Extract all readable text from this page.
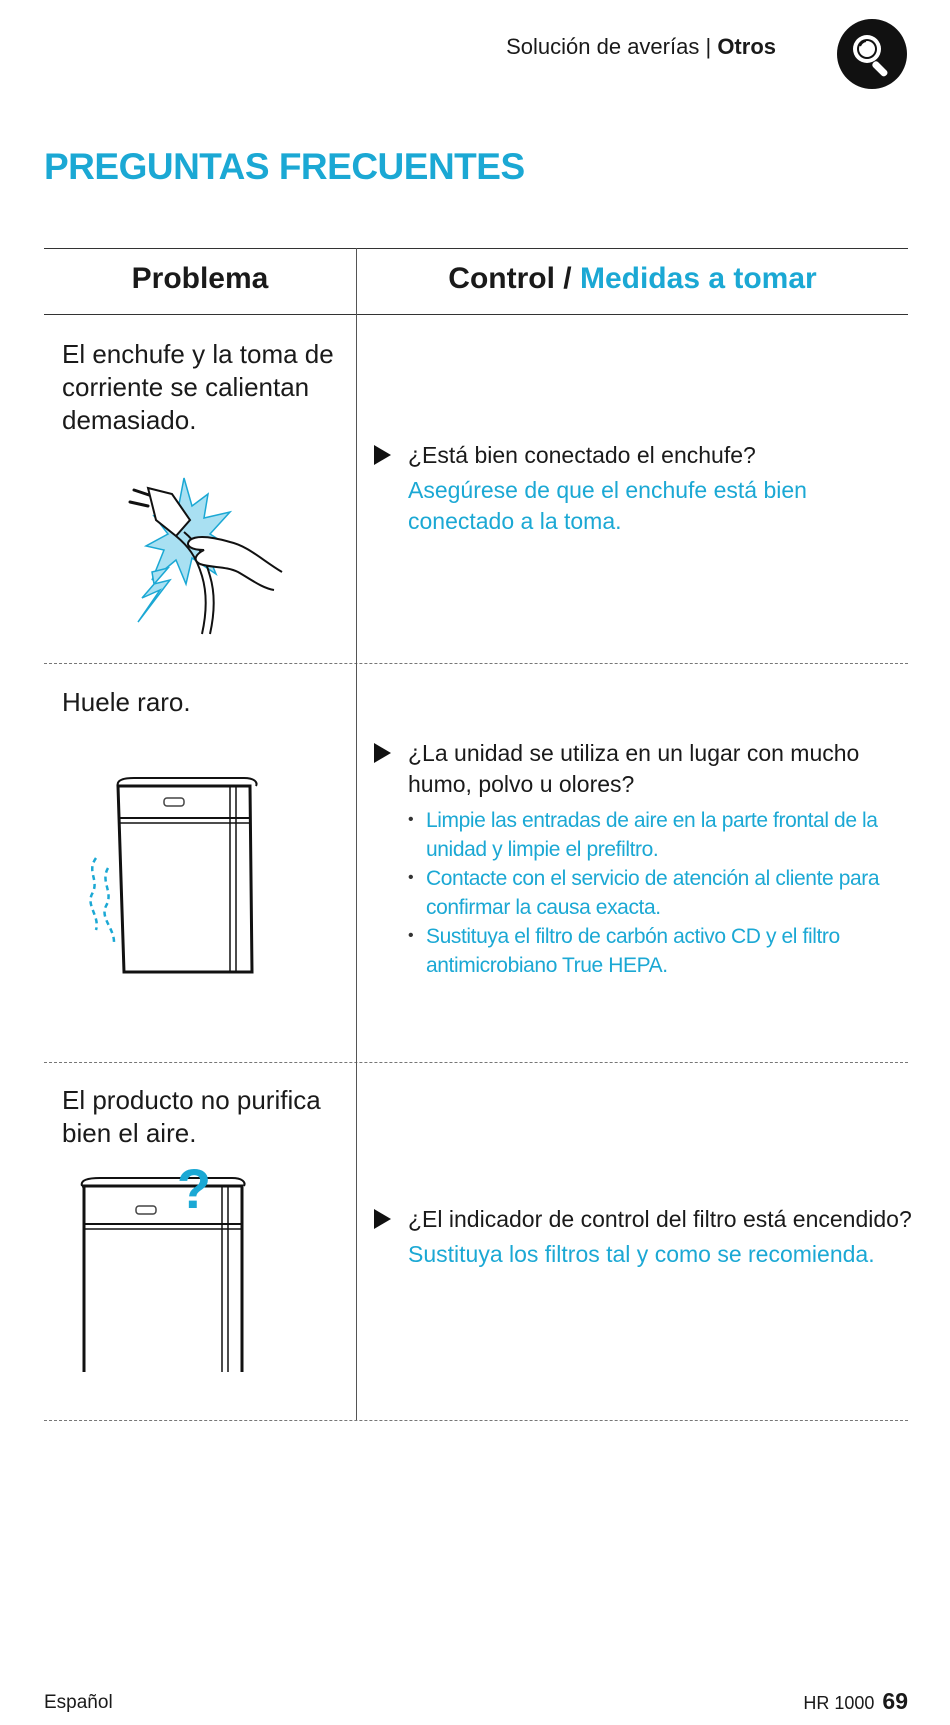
Solución de averías | Otros
PREGUNTAS FRECUENTES
Problema	Control / Medidas a tomar

El enchufe y la toma de corriente se calientan demasiado.

¿Está bien conectado el enchufe?
Asegúrese de que el enchufe está bien conectado a la toma.

Huele raro.

¿La unidad se utiliza en un lugar con mucho humo, polvo u olores?
• Limpie las entradas de aire en la parte frontal de la unidad y limpie el prefiltro.
• Contacte con el servicio de atención al cliente para confirmar la causa exacta.
• Sustituya el filtro de carbón activo CD y el filtro antimicrobiano True HEPA.

El producto no purifica bien el aire.

?	¿El indicador de control del filtro está encendido?
Sustituya los filtros tal y como se recomienda.
Español	HR 1000 69
